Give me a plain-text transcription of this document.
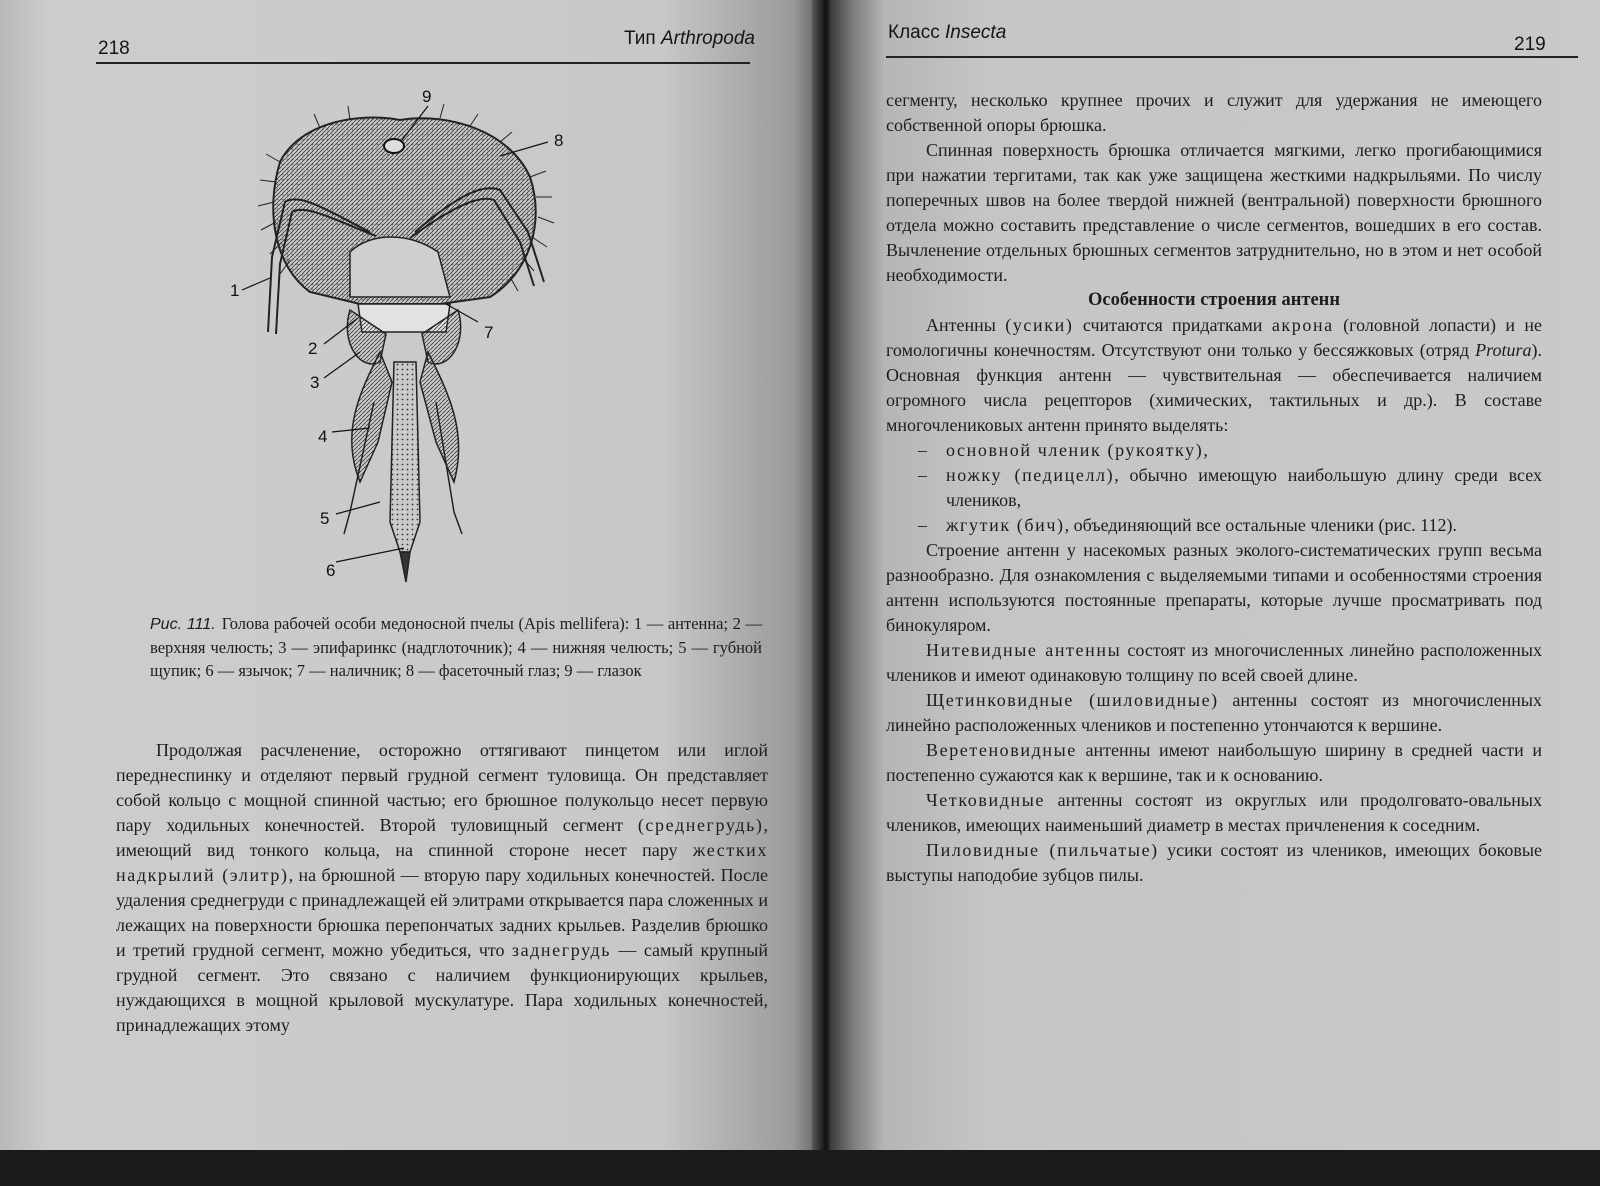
218	Тип Arthropoda
1
2
3
4
5
6
7
8
9
Рис. 111. Голова рабочей особи медоносной пчелы (Apis mellifera): 1 — антенна; 2 — верхняя челюсть; 3 — эпифаринкс (надглоточник); 4 — нижняя челюсть; 5 — губной щупик; 6 — язычок; 7 — наличник; 8 — фасеточный глаз; 9 — глазок

Продолжая расчленение, осторожно оттягивают пинцетом или иглой переднеспинку и отделяют первый грудной сегмент туловища. Он представляет собой кольцо с мощной спинной частью; его брюшное полукольцо несет первую пару ходильных конечностей. Второй туловищный сегмент (среднегрудь), имеющий вид тонкого кольца, на спинной стороне несет пару жестких надкрылий (элитр), на брюшной — вторую пару ходильных конечностей. После удаления среднегруди с принадлежащей ей элитрами открывается пара сложенных и лежащих на поверхности брюшка перепончатых задних крыльев. Разделив брюшко и третий грудной сегмент, можно убедиться, что заднегрудь — самый крупный грудной сегмент. Это связано с наличием функционирующих крыльев, нуждающихся в мощной крыловой мускулатуре. Пара ходильных конечностей, принадлежащих этому

Класс Insecta
219

сегменту, несколько крупнее прочих и служит для удержания не имеющего собственной опоры брюшка.

Спинная поверхность брюшка отличается мягкими, легко прогибающимися при нажатии тергитами, так как уже защищена жесткими надкрыльями. По числу поперечных швов на более твердой нижней (вентральной) поверхности брюшного отдела можно составить представление о числе сегментов, вошедших в его состав. Вычленение отдельных брюшных сегментов затруднительно, но в этом и нет особой необходимости.

Особенности строения антенн

Антенны (усики) считаются придатками акрона (головной лопасти) и не гомологичны конечностям. Отсутствуют они только у бессяжковых (отряд Protura). Основная функция антенн — чувствительная — обеспечивается наличием огромного числа рецепторов (химических, тактильных и др.). В составе многочлениковых антенн принято выделять:

– основной членик (рукоятку),
– ножку (педицелл), обычно имеющую наибольшую длину среди всех члеников,
– жгутик (бич), объединяющий все остальные членики (рис. 112).

Строение антенн у насекомых разных эколого-систематических групп весьма разнообразно. Для ознакомления с выделяемыми типами и особенностями строения антенн используются постоянные препараты, которые лучше просматривать под бинокуляром.

Нитевидные антенны состоят из многочисленных линейно расположенных члеников и имеют одинаковую толщину по всей своей длине.

Щетинковидные (шиловидные) антенны состоят из многочисленных линейно расположенных члеников и постепенно утончаются к вершине.

Веретеновидные антенны имеют наибольшую ширину в средней части и постепенно сужаются как к вершине, так и к основанию.

Четковидные антенны состоят из округлых или продолговато-овальных члеников, имеющих наименьший диаметр в местах причленения к соседним.

Пиловидные (пильчатые) усики состоят из члеников, имеющих боковые выступы наподобие зубцов пилы.
